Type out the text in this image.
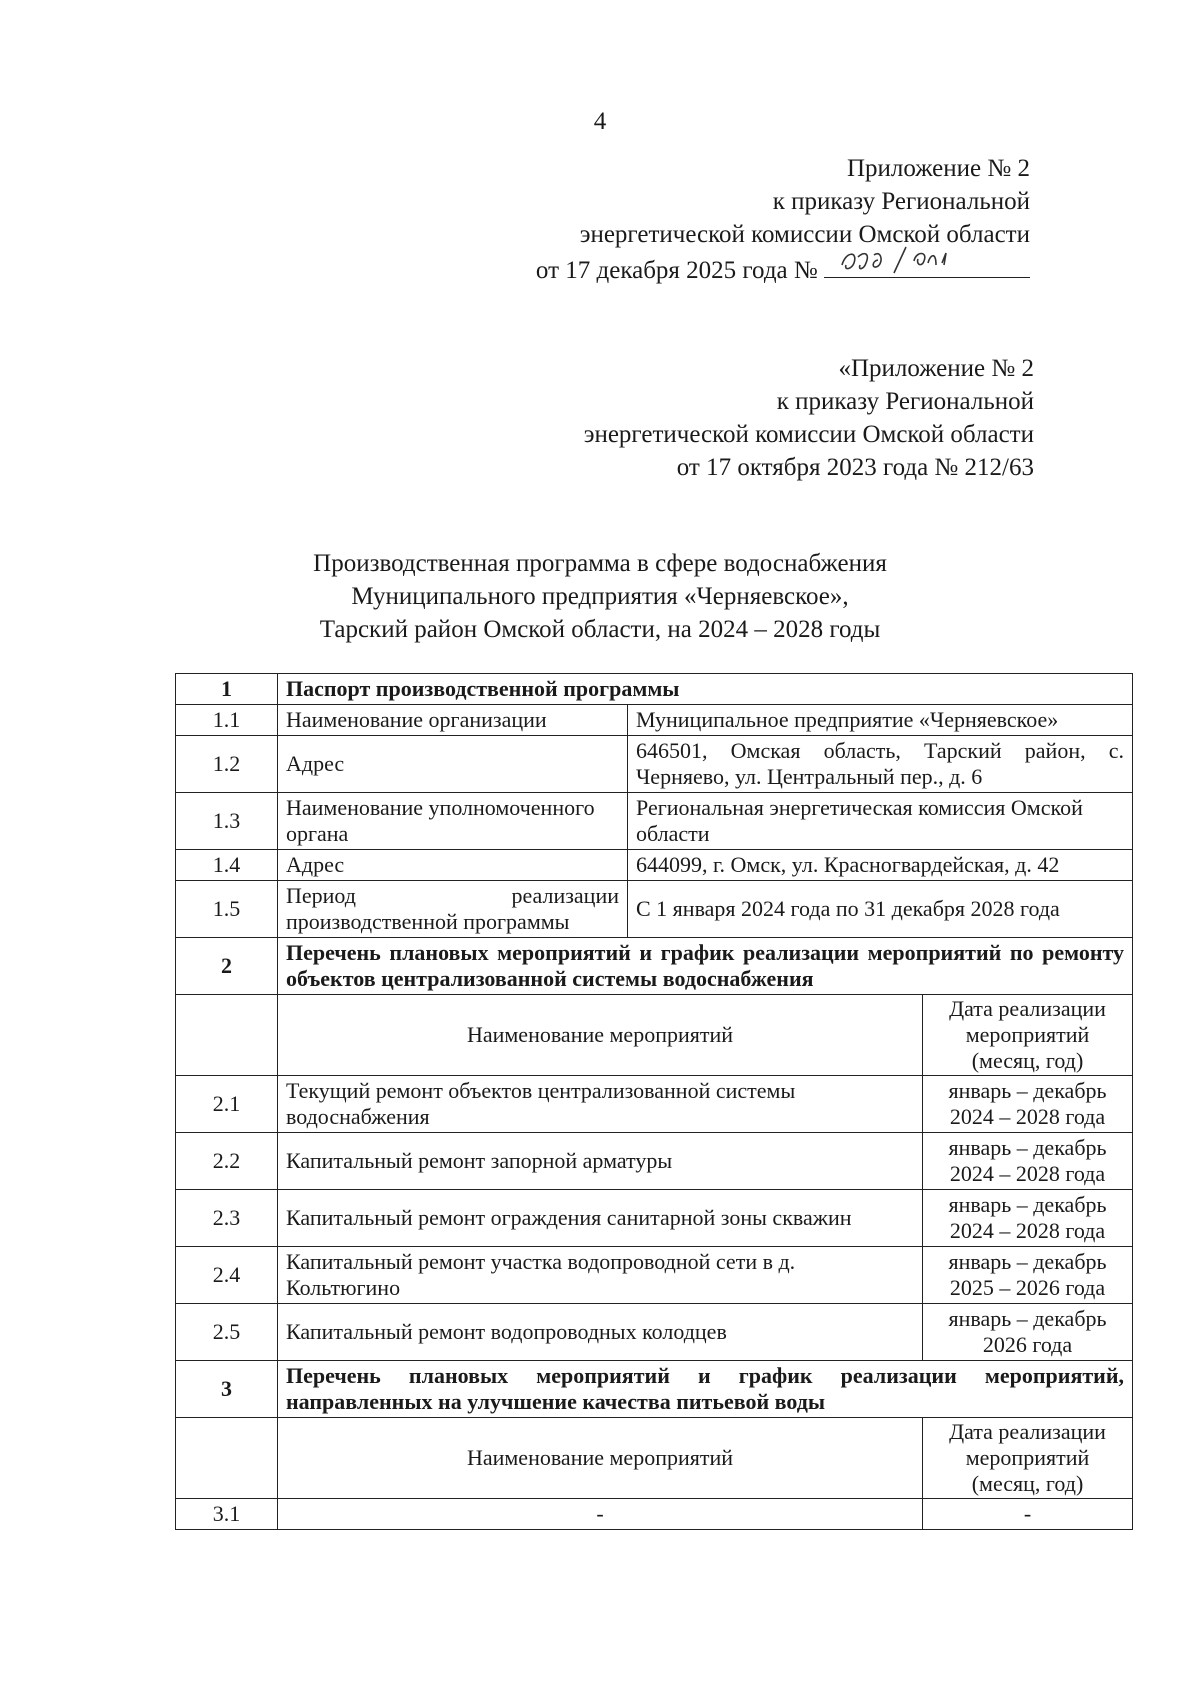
4
Приложение № 2
к приказу Региональной
энергетической комиссии Омской области
от 17 декабря 2025 года №
«Приложение № 2
к приказу Региональной
энергетической комиссии Омской области
от 17 октября 2023 года № 212/63
Производственная программа в сфере водоснабжения
Муниципального предприятия «Черняевское»,
Тарский район Омской области, на 2024 – 2028 годы
1	Паспорт производственной программы		
1.1	Наименование организации	Муниципальное предприятие «Черняевское»	
1.2	Адрес	646501, Омская область, Тарский район, с. Черняево, ул. Центральный пер., д. 6	
1.3	Наименование уполномоченного органа	Региональная энергетическая комиссия Омской области	
1.4	Адрес	644099, г. Омск, ул. Красногвардейская, д. 42	
1.5	Период реализации производственной программы	С 1 января 2024 года по 31 декабря 2028 года	
2	Перечень плановых мероприятий и график реализации мероприятий по ремонту объектов централизованной системы водоснабжения		
	Наименование мероприятий		Дата реализации мероприятий (месяц, год)
2.1	Текущий ремонт объектов централизованной системы водоснабжения		январь – декабрь 2024 – 2028 года
2.2	Капитальный ремонт запорной арматуры		январь – декабрь 2024 – 2028 года
2.3	Капитальный ремонт ограждения санитарной зоны скважин		январь – декабрь 2024 – 2028 года
2.4	Капитальный ремонт участка водопроводной сети в д. Кольтюгино		январь – декабрь 2025 – 2026 года
2.5	Капитальный ремонт водопроводных колодцев		январь – декабрь 2026 года
3	Перечень плановых мероприятий и график реализации мероприятий, направленных на улучшение качества питьевой воды		
	Наименование мероприятий		Дата реализации мероприятий (месяц, год)
3.1	-		-
